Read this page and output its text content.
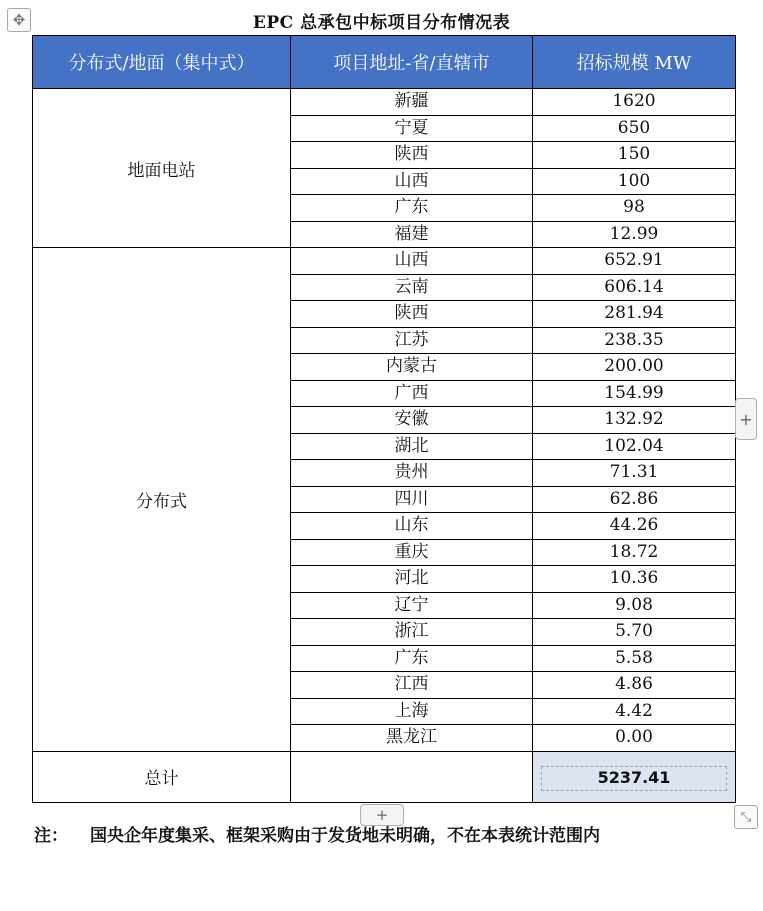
✥	EPC 总承包中标项目分布情况表
分布式/地面（集中式）	项目地址-省/直辖市	招标规模 MW
地面电站	新疆	1620
	宁夏	650
	陕西	150
	山西	100
	广东	98
	福建	12.99
分布式	山西	652.91
	云南	606.14
	陕西	281.94
	江苏	238.35
	内蒙古	200.00
	广西	154.99
	安徽	132.92
	湖北	102.04
	贵州	71.31
	四川	62.86
	山东	44.26
	重庆	18.72
	河北	10.36
	辽宁	9.08
	浙江	5.70
	广东	5.58
	江西	4.86
	上海	4.42
	黑龙江	0.00
总计		5237.41
+
+	⤡
注： 国央企年度集采、框架采购由于发货地未明确，不在本表统计范围内
